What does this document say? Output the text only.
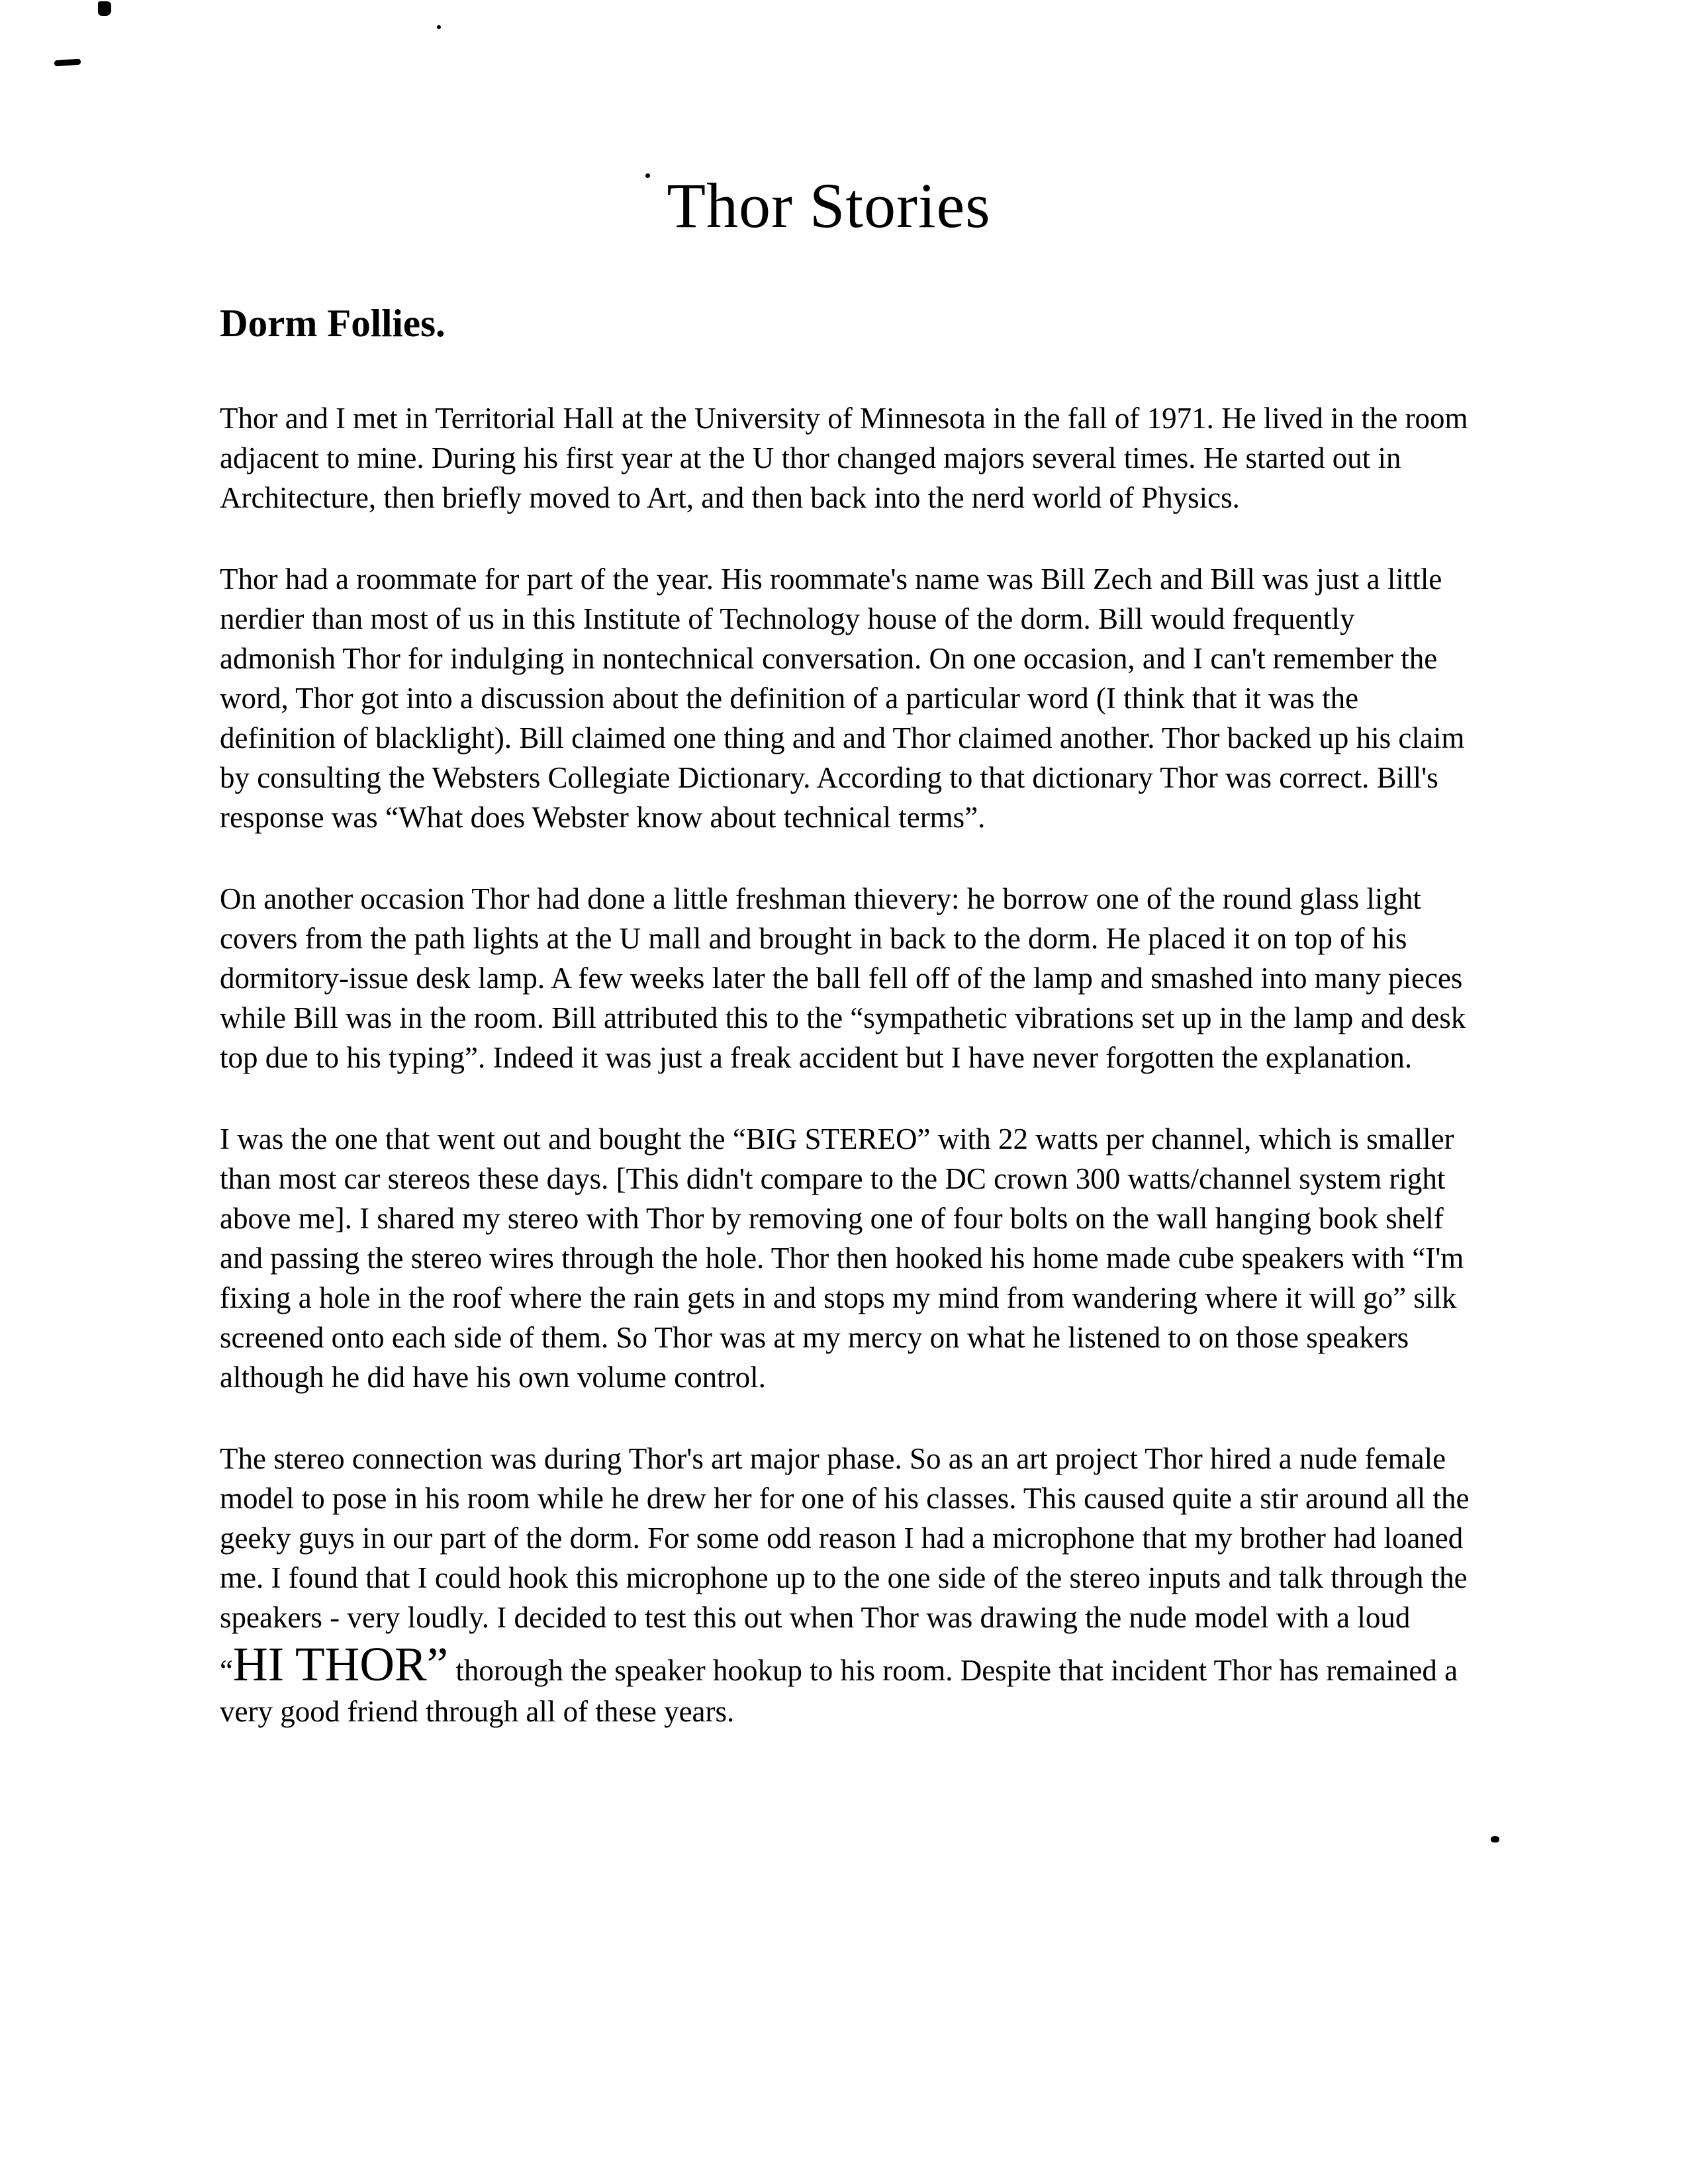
Thor Stories
Dorm Follies.

Thor and I met in Territorial Hall at the University of Minnesota in the fall of 1971. He lived in the room adjacent to mine. During his first year at the U thor changed majors several times. He started out in Architecture, then briefly moved to Art, and then back into the nerd world of Physics.

Thor had a roommate for part of the year. His roommate's name was Bill Zech and Bill was just a little nerdier than most of us in this Institute of Technology house of the dorm. Bill would frequently admonish Thor for indulging in nontechnical conversation. On one occasion, and I can't remember the word, Thor got into a discussion about the definition of a particular word (I think that it was the definition of blacklight). Bill claimed one thing and and Thor claimed another. Thor backed up his claim by consulting the Websters Collegiate Dictionary. According to that dictionary Thor was correct. Bill's response was “What does Webster know about technical terms”.

On another occasion Thor had done a little freshman thievery: he borrow one of the round glass light covers from the path lights at the U mall and brought in back to the dorm. He placed it on top of his dormitory-issue desk lamp. A few weeks later the ball fell off of the lamp and smashed into many pieces while Bill was in the room. Bill attributed this to the “sympathetic vibrations set up in the lamp and desk top due to his typing”. Indeed it was just a freak accident but I have never forgotten the explanation.

I was the one that went out and bought the “BIG STEREO” with 22 watts per channel, which is smaller than most car stereos these days. [This didn't compare to the DC crown 300 watts/channel system right above me]. I shared my stereo with Thor by removing one of four bolts on the wall hanging book shelf and passing the stereo wires through the hole. Thor then hooked his home made cube speakers with “I'm fixing a hole in the roof where the rain gets in and stops my mind from wandering where it will go” silk screened onto each side of them. So Thor was at my mercy on what he listened to on those speakers although he did have his own volume control.

The stereo connection was during Thor's art major phase. So as an art project Thor hired a nude female model to pose in his room while he drew her for one of his classes. This caused quite a stir around all the geeky guys in our part of the dorm. For some odd reason I had a microphone that my brother had loaned me. I found that I could hook this microphone up to the one side of the stereo inputs and talk through the speakers - very loudly. I decided to test this out when Thor was drawing the nude model with a loud “HI THOR” thorough the speaker hookup to his room. Despite that incident Thor has remained a very good friend through all of these years.
